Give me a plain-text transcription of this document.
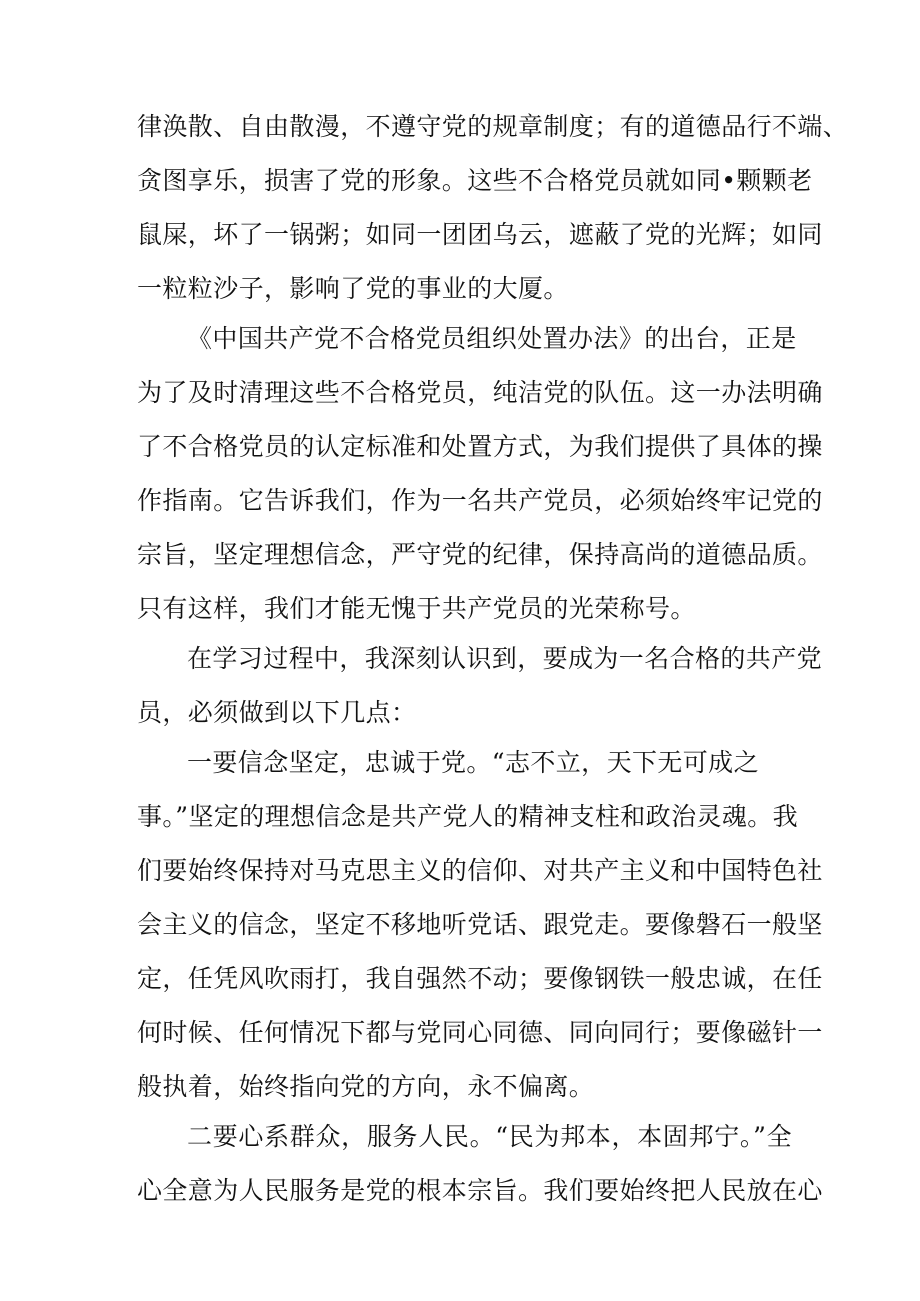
律涣散、自由散漫，不遵守党的规章制度；有的道德品行不端、
贪图享乐，损害了党的形象。这些不合格党员就如同•颗颗老
鼠屎，坏了一锅粥；如同一团团乌云，遮蔽了党的光辉；如同
一粒粒沙子，影响了党的事业的大厦。
《中国共产党不合格党员组织处置办法》的出台，正是
为了及时清理这些不合格党员，纯洁党的队伍。这一办法明确
了不合格党员的认定标准和处置方式，为我们提供了具体的操
作指南。它告诉我们，作为一名共产党员，必须始终牢记党的
宗旨，坚定理想信念，严守党的纪律，保持高尚的道德品质。
只有这样，我们才能无愧于共产党员的光荣称号。
在学习过程中，我深刻认识到，要成为一名合格的共产党
员，必须做到以下几点：
一要信念坚定，忠诚于党。“志不立，天下无可成之
事。”坚定的理想信念是共产党人的精神支柱和政治灵魂。我
们要始终保持对马克思主义的信仰、对共产主义和中国特色社
会主义的信念，坚定不移地听党话、跟党走。要像磐石一般坚
定，任凭风吹雨打，我自强然不动；要像钢铁一般忠诚，在任
何时候、任何情况下都与党同心同德、同向同行；要像磁针一
般执着，始终指向党的方向，永不偏离。
二要心系群众，服务人民。“民为邦本，本固邦宁。”全
心全意为人民服务是党的根本宗旨。我们要始终把人民放在心
